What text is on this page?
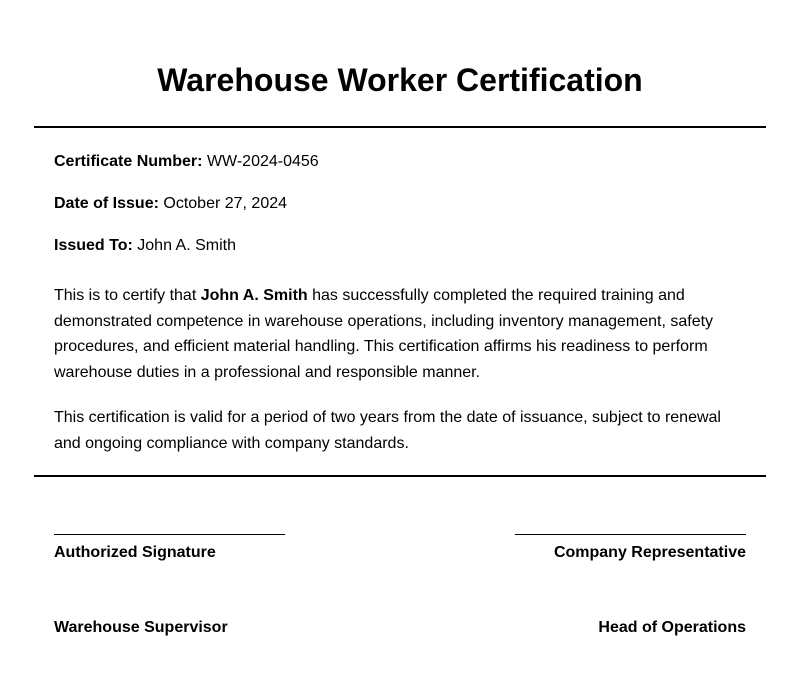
Warehouse Worker Certification
Certificate Number: WW-2024-0456
Date of Issue: October 27, 2024
Issued To: John A. Smith

This is to certify that John A. Smith has successfully completed the required training and demonstrated competence in warehouse operations, including inventory management, safety procedures, and efficient material handling. This certification affirms his readiness to perform warehouse duties in a professional and responsible manner.

This certification is valid for a period of two years from the date of issuance, subject to renewal and ongoing compliance with company standards.

Authorized Signature	Company Representative
Warehouse Supervisor	Head of Operations
